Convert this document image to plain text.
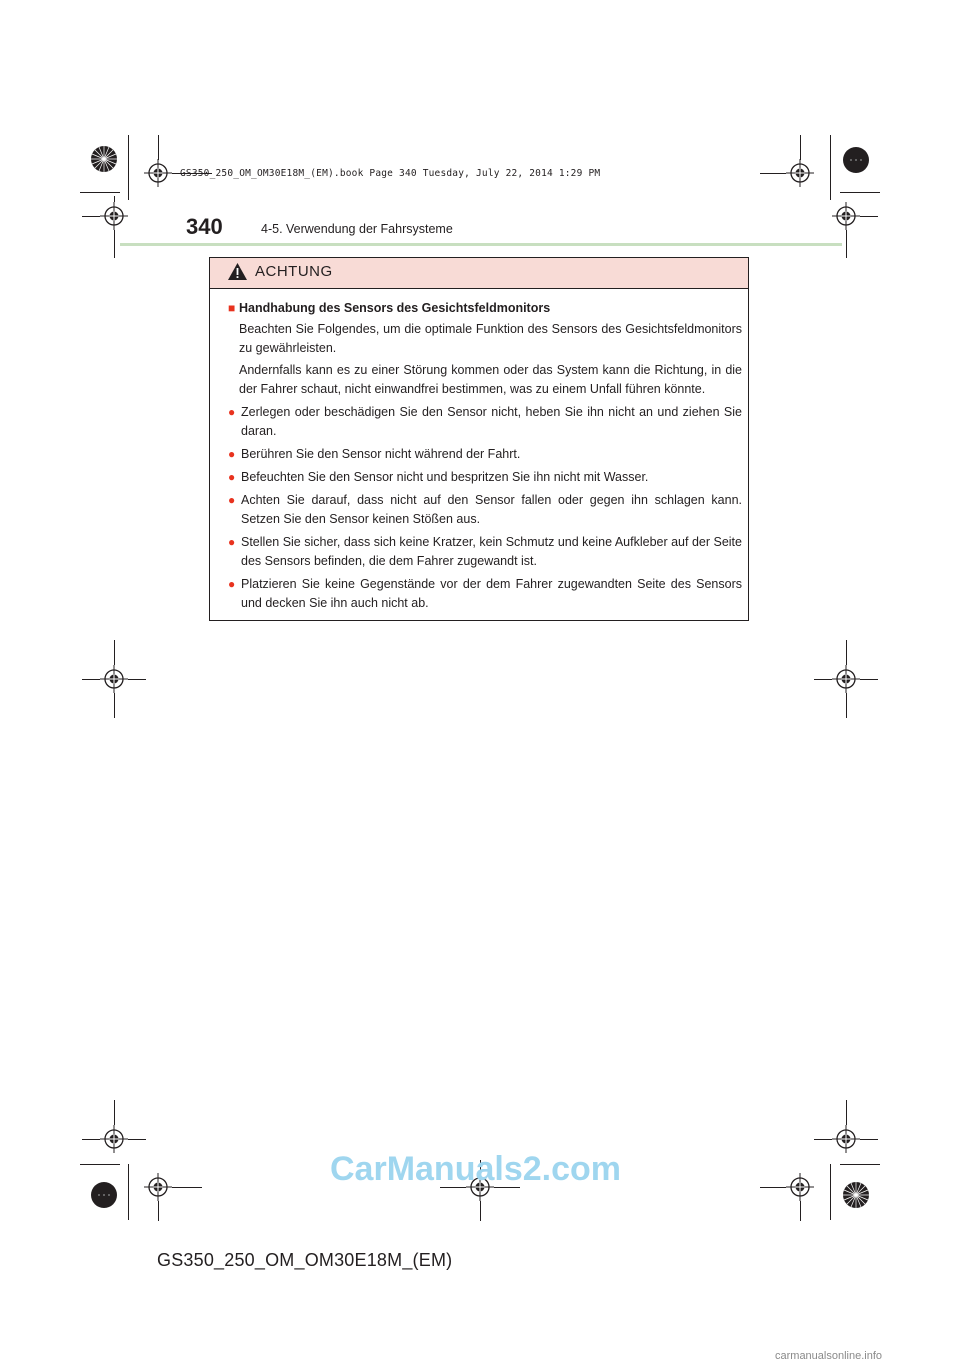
GS350_250_OM_OM30E18M_(EM).book Page 340 Tuesday, July 22, 2014 1:29 PM
340	4-5. Verwendung der Fahrsysteme
ACHTUNG
■ Handhabung des Sensors des Gesichtsfeldmonitors
Beachten Sie Folgendes, um die optimale Funktion des Sensors des Gesichtsfeldmonitors zu gewährleisten.
Andernfalls kann es zu einer Störung kommen oder das System kann die Richtung, in die der Fahrer schaut, nicht einwandfrei bestimmen, was zu einem Unfall führen könnte.
● Zerlegen oder beschädigen Sie den Sensor nicht, heben Sie ihn nicht an und ziehen Sie daran.
● Berühren Sie den Sensor nicht während der Fahrt.
● Befeuchten Sie den Sensor nicht und bespritzen Sie ihn nicht mit Wasser.
● Achten Sie darauf, dass nicht auf den Sensor fallen oder gegen ihn schlagen kann. Setzen Sie den Sensor keinen Stößen aus.
● Stellen Sie sicher, dass sich keine Kratzer, kein Schmutz und keine Aufkleber auf der Seite des Sensors befinden, die dem Fahrer zugewandt ist.
● Platzieren Sie keine Gegenstände vor der dem Fahrer zugewandten Seite des Sensors und decken Sie ihn auch nicht ab.
CarManuals2.com
GS350_250_OM_OM30E18M_(EM)
carmanualsonline.info
